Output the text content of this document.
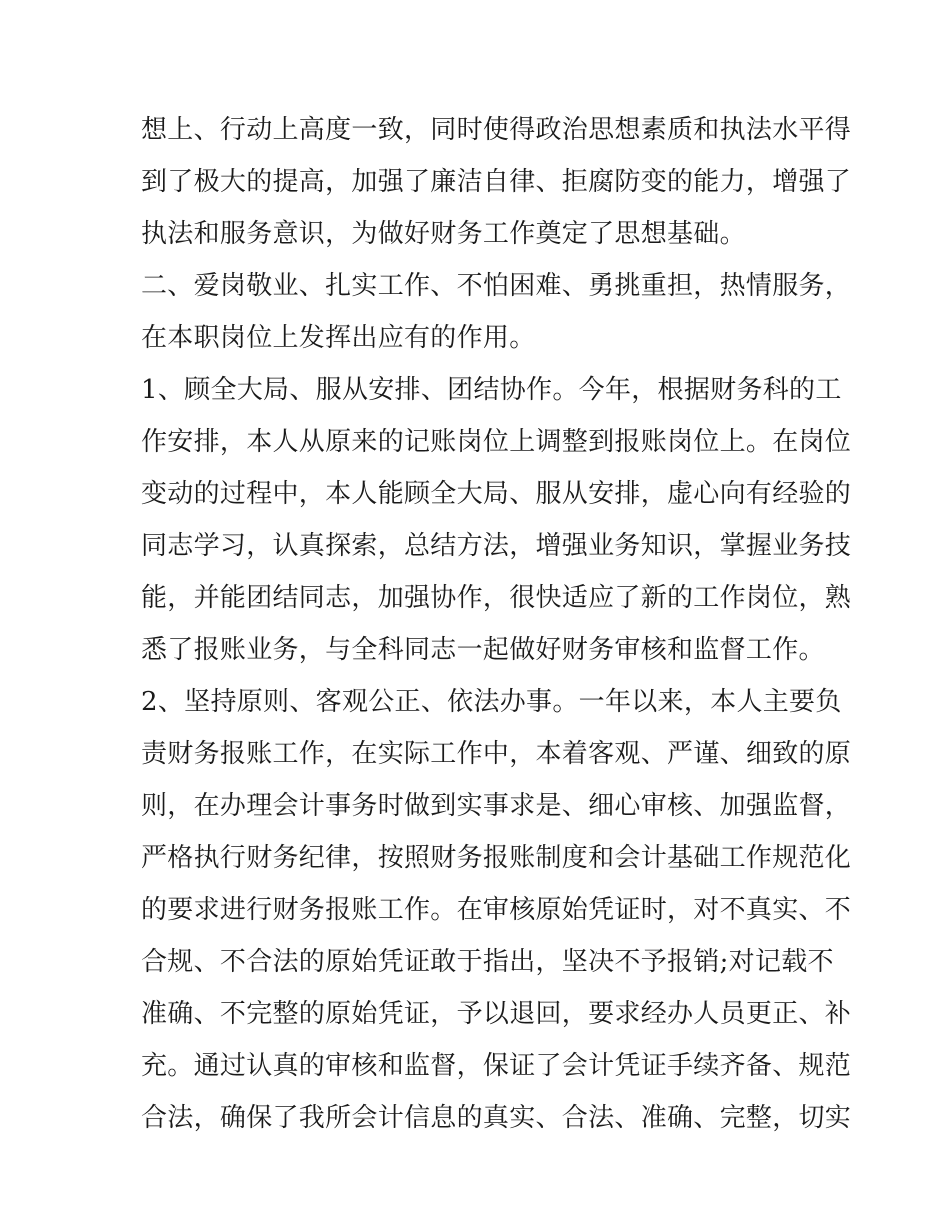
想上、行动上高度一致，同时使得政治思想素质和执法水平得
到了极大的提高，加强了廉洁自律、拒腐防变的能力，增强了
执法和服务意识，为做好财务工作奠定了思想基础。
二、爱岗敬业、扎实工作、不怕困难、勇挑重担，热情服务，
在本职岗位上发挥出应有的作用。
1、顾全大局、服从安排、团结协作。今年，根据财务科的工
作安排，本人从原来的记账岗位上调整到报账岗位上。在岗位
变动的过程中，本人能顾全大局、服从安排，虚心向有经验的
同志学习，认真探索，总结方法，增强业务知识，掌握业务技
能，并能团结同志，加强协作，很快适应了新的工作岗位，熟
悉了报账业务，与全科同志一起做好财务审核和监督工作。
2、坚持原则、客观公正、依法办事。一年以来，本人主要负
责财务报账工作，在实际工作中，本着客观、严谨、细致的原
则，在办理会计事务时做到实事求是、细心审核、加强监督，
严格执行财务纪律，按照财务报账制度和会计基础工作规范化
的要求进行财务报账工作。在审核原始凭证时，对不真实、不
合规、不合法的原始凭证敢于指出，坚决不予报销;对记载不
准确、不完整的原始凭证，予以退回，要求经办人员更正、补
充。通过认真的审核和监督，保证了会计凭证手续齐备、规范
合法，确保了我所会计信息的真实、合法、准确、完整，切实
